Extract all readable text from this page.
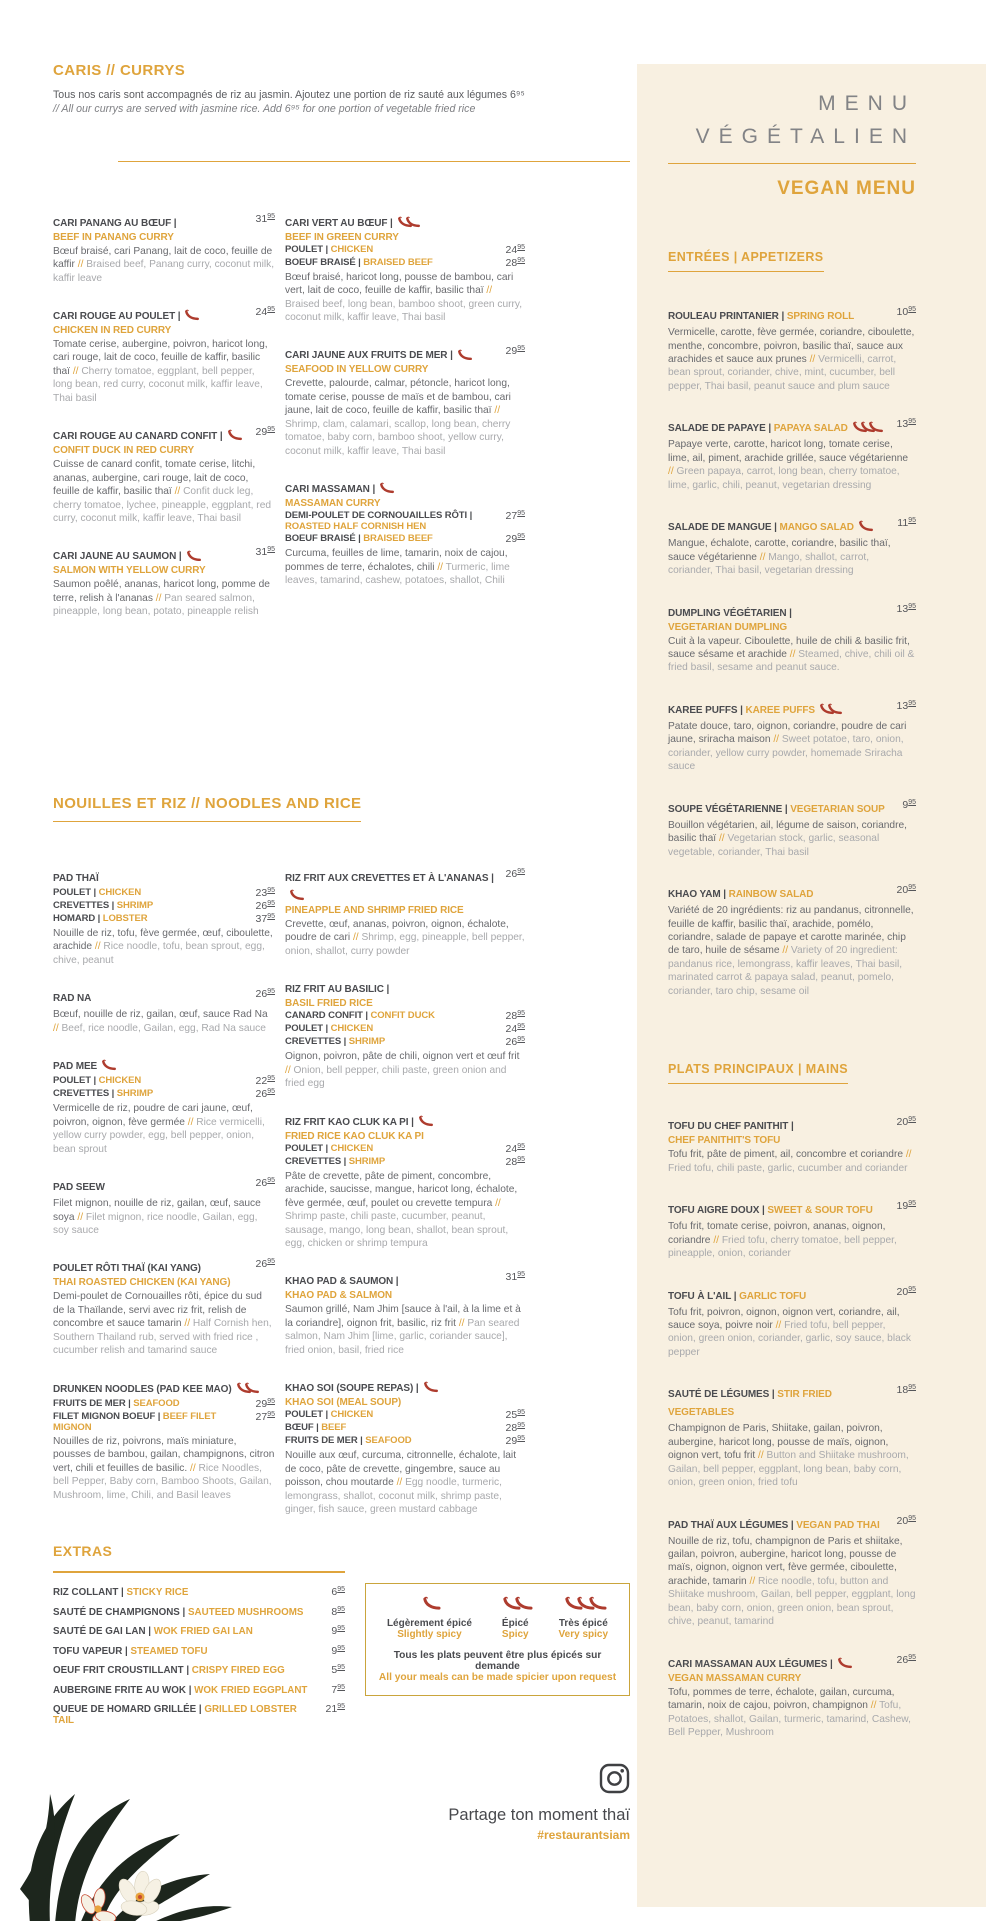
CARIS // CURRYS
Tous nos caris sont accompagnés de riz au jasmin. Ajoutez une portion de riz sauté aux légumes 6⁹⁵
// All our currys are served with jasmine rice. Add 6⁹⁵ for one portion of vegetable fried rice
CARI PANANG AU BŒUF |	$31^{95}$
BEEF IN PANANG CURRY
Bœuf braisé, cari Panang, lait de coco, feuille de kaffir // Braised beef, Panang curry, coconut milk, kaffir leave
CARI ROUGE AU POULET |	$24^{95}$
CHICKEN IN RED CURRY
Tomate cerise, aubergine, poivron, haricot long, cari rouge, lait de coco, feuille de kaffir, basilic thaï // Cherry tomatoe, eggplant, bell pepper, long bean, red curry, coconut milk, kaffir leave, Thai basil
CARI ROUGE AU CANARD CONFIT |	$29^{95}$
CONFIT DUCK IN RED CURRY
Cuisse de canard confit, tomate cerise, litchi, ananas, aubergine, cari rouge, lait de coco, feuille de kaffir, basilic thaï // Confit duck leg, cherry tomatoe, lychee, pineapple, eggplant, red curry, coconut milk, kaffir leave, Thai basil
CARI JAUNE AU SAUMON |	$31^{95}$
SALMON WITH YELLOW CURRY
Saumon poêlé, ananas, haricot long, pomme de terre, relish à l'ananas // Pan seared salmon, pineapple, long bean, potato, pineapple relish
CARI VERT AU BŒUF |
BEEF IN GREEN CURRY
POULET | CHICKEN	$24^{95}$
BOEUF BRAISÉ | BRAISED BEEF	$28^{95}$
Bœuf braisé, haricot long, pousse de bambou, cari vert, lait de coco, feuille de kaffir, basilic thaï // Braised beef, long bean, bamboo shoot, green curry, coconut milk, kaffir leave, Thai basil
CARI JAUNE AUX FRUITS DE MER |	$29^{95}$
SEAFOOD IN YELLOW CURRY
Crevette, palourde, calmar, pétoncle, haricot long, tomate cerise, pousse de maïs et de bambou, cari jaune, lait de coco, feuille de kaffir, basilic thaï // Shrimp, clam, calamari, scallop, long bean, cherry tomatoe, baby corn, bamboo shoot, yellow curry, coconut milk, kaffir leave, Thai basil
CARI MASSAMAN |
MASSAMAN CURRY
DEMI-POULET DE CORNOUAILLES RÔTI | ROASTED HALF CORNISH HEN
$27^{95}$
BOEUF BRAISÉ | BRAISED BEEF	$29^{95}$
Curcuma, feuilles de lime, tamarin, noix de cajou, pommes de terre, échalotes, chili // Turmeric, lime leaves, tamarind, cashew, potatoes, shallot, Chili
NOUILLES ET RIZ // NOODLES AND RICE
PAD THAÏ
POULET | CHICKEN	$23^{95}$
CREVETTES | SHRIMP	$26^{95}$
HOMARD | LOBSTER	$37^{95}$
Nouille de riz, tofu, fève germée, œuf, ciboulette, arachide // Rice noodle, tofu, bean sprout, egg, chive, peanut
RAD NA	$26^{95}$
Bœuf, nouille de riz, gailan, œuf, sauce Rad Na // Beef, rice noodle, Gailan, egg, Rad Na sauce
PAD MEE
POULET | CHICKEN	$22^{95}$
CREVETTES | SHRIMP	$26^{95}$
Vermicelle de riz, poudre de cari jaune, œuf, poivron, oignon, fève germée // Rice vermicelli, yellow curry powder, egg, bell pepper, onion, bean sprout
PAD SEEW	$26^{95}$
Filet mignon, nouille de riz, gailan, œuf, sauce soya // Filet mignon, rice noodle, Gailan, egg, soy sauce
POULET RÔTI THAÏ (KAI YANG)	$26^{95}$
THAI ROASTED CHICKEN (KAI YANG)
Demi-poulet de Cornouailles rôti, épice du sud de la Thaïlande, servi avec riz frit, relish de concombre et sauce tamarin // Half Cornish hen, Southern Thailand rub, served with fried rice , cucumber relish and tamarind sauce
DRUNKEN NOODLES (PAD KEE MAO)
FRUITS DE MER | SEAFOOD	$29^{95}$
FILET MIGNON BOEUF | BEEF FILET MIGNON
$27^{95}$
Nouilles de riz, poivrons, maïs miniature, pousses de bambou, gailan, champignons, citron vert, chili et feuilles de basilic. // Rice Noodles, bell Pepper, Baby corn, Bamboo Shoots, Gailan, Mushroom, lime, Chili, and Basil leaves
RIZ FRIT AUX CREVETTES ET À L'ANANAS |	$26^{95}$
PINEAPPLE AND SHRIMP FRIED RICE
Crevette, œuf, ananas, poivron, oignon, échalote, poudre de cari // Shrimp, egg, pineapple, bell pepper, onion, shallot, curry powder
RIZ FRIT AU BASILIC |
BASIL FRIED RICE
CANARD CONFIT | CONFIT DUCK	$28^{95}$
POULET | CHICKEN	$24^{95}$
CREVETTES | SHRIMP	$26^{95}$
Oignon, poivron, pâte de chili, oignon vert et œuf frit // Onion, bell pepper, chili paste, green onion and fried egg
RIZ FRIT KAO CLUK KA PI |
FRIED RICE KAO CLUK KA PI
POULET | CHICKEN	$24^{95}$
CREVETTES | SHRIMP	$28^{95}$
Pâte de crevette, pâte de piment, concombre, arachide, saucisse, mangue, haricot long, échalote, fève germée, œuf, poulet ou crevette tempura // Shrimp paste, chili paste, cucumber, peanut, sausage, mango, long bean, shallot, bean sprout, egg, chicken or shrimp tempura
KHAO PAD & SAUMON |	$31^{95}$
KHAO PAD & SALMON
Saumon grillé, Nam Jhim [sauce à l'ail, à la lime et à la coriandre], oignon frit, basilic, riz frit // Pan seared salmon, Nam Jhim [lime, garlic, coriander sauce], fried onion, basil, fried rice
KHAO SOI (SOUPE REPAS) |
KHAO SOI (MEAL SOUP)
POULET | CHICKEN	$25^{95}$
BŒUF | BEEF	$28^{95}$
FRUITS DE MER | SEAFOOD	$29^{95}$
Nouille aux œuf, curcuma, citronnelle, échalote, lait de coco, pâte de crevette, gingembre, sauce au poisson, chou moutarde // Egg noodle, turmeric, lemongrass, shallot, coconut milk, shrimp paste, ginger, fish sauce, green mustard cabbage
EXTRAS
RIZ COLLANT | STICKY RICE	$6^{95}$
SAUTÉ DE CHAMPIGNONS | SAUTEED MUSHROOMS	$8^{95}$
SAUTÉ DE GAI LAN | WOK FRIED GAI LAN	$9^{95}$
TOFU VAPEUR | STEAMED TOFU	$9^{95}$
OEUF FRIT CROUSTILLANT | CRISPY FIRED EGG	$5^{95}$
AUBERGINE FRITE AU WOK | WOK FRIED EGGPLANT	$7^{95}$
QUEUE DE HOMARD GRILLÉE | GRILLED LOBSTER TAIL
$21^{95}$
Légèrement épicé
Slightly spicy
Épicé
Spicy
Très épicé
Very spicy
Tous les plats peuvent être plus épicés sur demande
All your meals can be made spicier upon request
Partage ton moment thaï
#restaurantsiam
MENU
VÉGÉTALIEN
VEGAN MENU
ENTRÉES | APPETIZERS
ROULEAU PRINTANIER | SPRING ROLL	$10^{95}$
Vermicelle, carotte, fève germée, coriandre, ciboulette, menthe, concombre, poivron, basilic thaï, sauce aux arachides et sauce aux prunes // Vermicelli, carrot, bean sprout, coriander, chive, mint, cucumber, bell pepper, Thai basil, peanut sauce and plum sauce
SALADE DE PAPAYE | PAPAYA SALAD	$13^{95}$
Papaye verte, carotte, haricot long, tomate cerise, lime, ail, piment, arachide grillée, sauce végétarienne // Green papaya, carrot, long bean, cherry tomatoe, lime, garlic, chili, peanut, vegetarian dressing
SALADE DE MANGUE | MANGO SALAD	$11^{95}$
Mangue, échalote, carotte, coriandre, basilic thaï, sauce végétarienne // Mango, shallot, carrot, coriander, Thai basil, vegetarian dressing
DUMPLING VÉGÉTARIEN |	$13^{95}$
VEGETARIAN DUMPLING
Cuit à la vapeur. Ciboulette, huile de chili & basilic frit, sauce sésame et arachide // Steamed, chive, chili oil & fried basil, sesame and peanut sauce.
KAREE PUFFS | KAREE PUFFS	$13^{95}$
Patate douce, taro, oignon, coriandre, poudre de cari jaune, sriracha maison // Sweet potatoe, taro, onion, coriander, yellow curry powder, homemade Sriracha sauce
SOUPE VÉGÉTARIENNE | VEGETARIAN SOUP	$9^{95}$
Bouillon végétarien, ail, légume de saison, coriandre, basilic thaï // Vegetarian stock, garlic, seasonal vegetable, coriander, Thai basil
KHAO YAM | RAINBOW SALAD	$20^{95}$
Variété de 20 ingrédients: riz au pandanus, citronnelle, feuille de kaffir, basilic thaï, arachide, pomélo, coriandre, salade de papaye et carotte marinée, chip de taro, huile de sésame // Variety of 20 ingredient: pandanus rice, lemongrass, kaffir leaves, Thai basil, marinated carrot & papaya salad, peanut, pomelo, coriander, taro chip, sesame oil
PLATS PRINCIPAUX | MAINS
TOFU DU CHEF PANITHIT |	$20^{95}$
CHEF PANITHIT'S TOFU
Tofu frit, pâte de piment, ail, concombre et coriandre // Fried tofu, chili paste, garlic, cucumber and coriander
TOFU AIGRE DOUX | SWEET & SOUR TOFU	$19^{95}$
Tofu frit, tomate cerise, poivron, ananas, oignon, coriandre // Fried tofu, cherry tomatoe, bell pepper, pineapple, onion, coriander
TOFU À L'AIL | GARLIC TOFU	$20^{95}$
Tofu frit, poivron, oignon, oignon vert, coriandre, ail, sauce soya, poivre noir // Fried tofu, bell pepper, onion, green onion, coriander, garlic, soy sauce, black pepper
SAUTÉ DE LÉGUMES | STIR FRIED VEGETABLES
$18^{95}$
Champignon de Paris, Shiitake, gailan, poivron, aubergine, haricot long, pousse de maïs, oignon, oignon vert, tofu frit // Button and Shiitake mushroom, Gailan, bell pepper, eggplant, long bean, baby corn, onion, green onion, fried tofu
PAD THAÏ AUX LÉGUMES | VEGAN PAD THAI	$20^{95}$
Nouille de riz, tofu, champignon de Paris et shiitake, gailan, poivron, aubergine, haricot long, pousse de maïs, oignon, oignon vert, fève germée, ciboulette, arachide, tamarin // Rice noodle, tofu, button and Shiitake mushroom, Gailan, bell pepper, eggplant, long bean, baby corn, onion, green onion, bean sprout, chive, peanut, tamarind
CARI MASSAMAN AUX LÉGUMES |	$26^{95}$
VEGAN MASSAMAN CURRY
Tofu, pommes de terre, échalote, gailan, curcuma, tamarin, noix de cajou, poivron, champignon // Tofu, Potatoes, shallot, Gailan, turmeric, tamarind, Cashew, Bell Pepper, Mushroom
